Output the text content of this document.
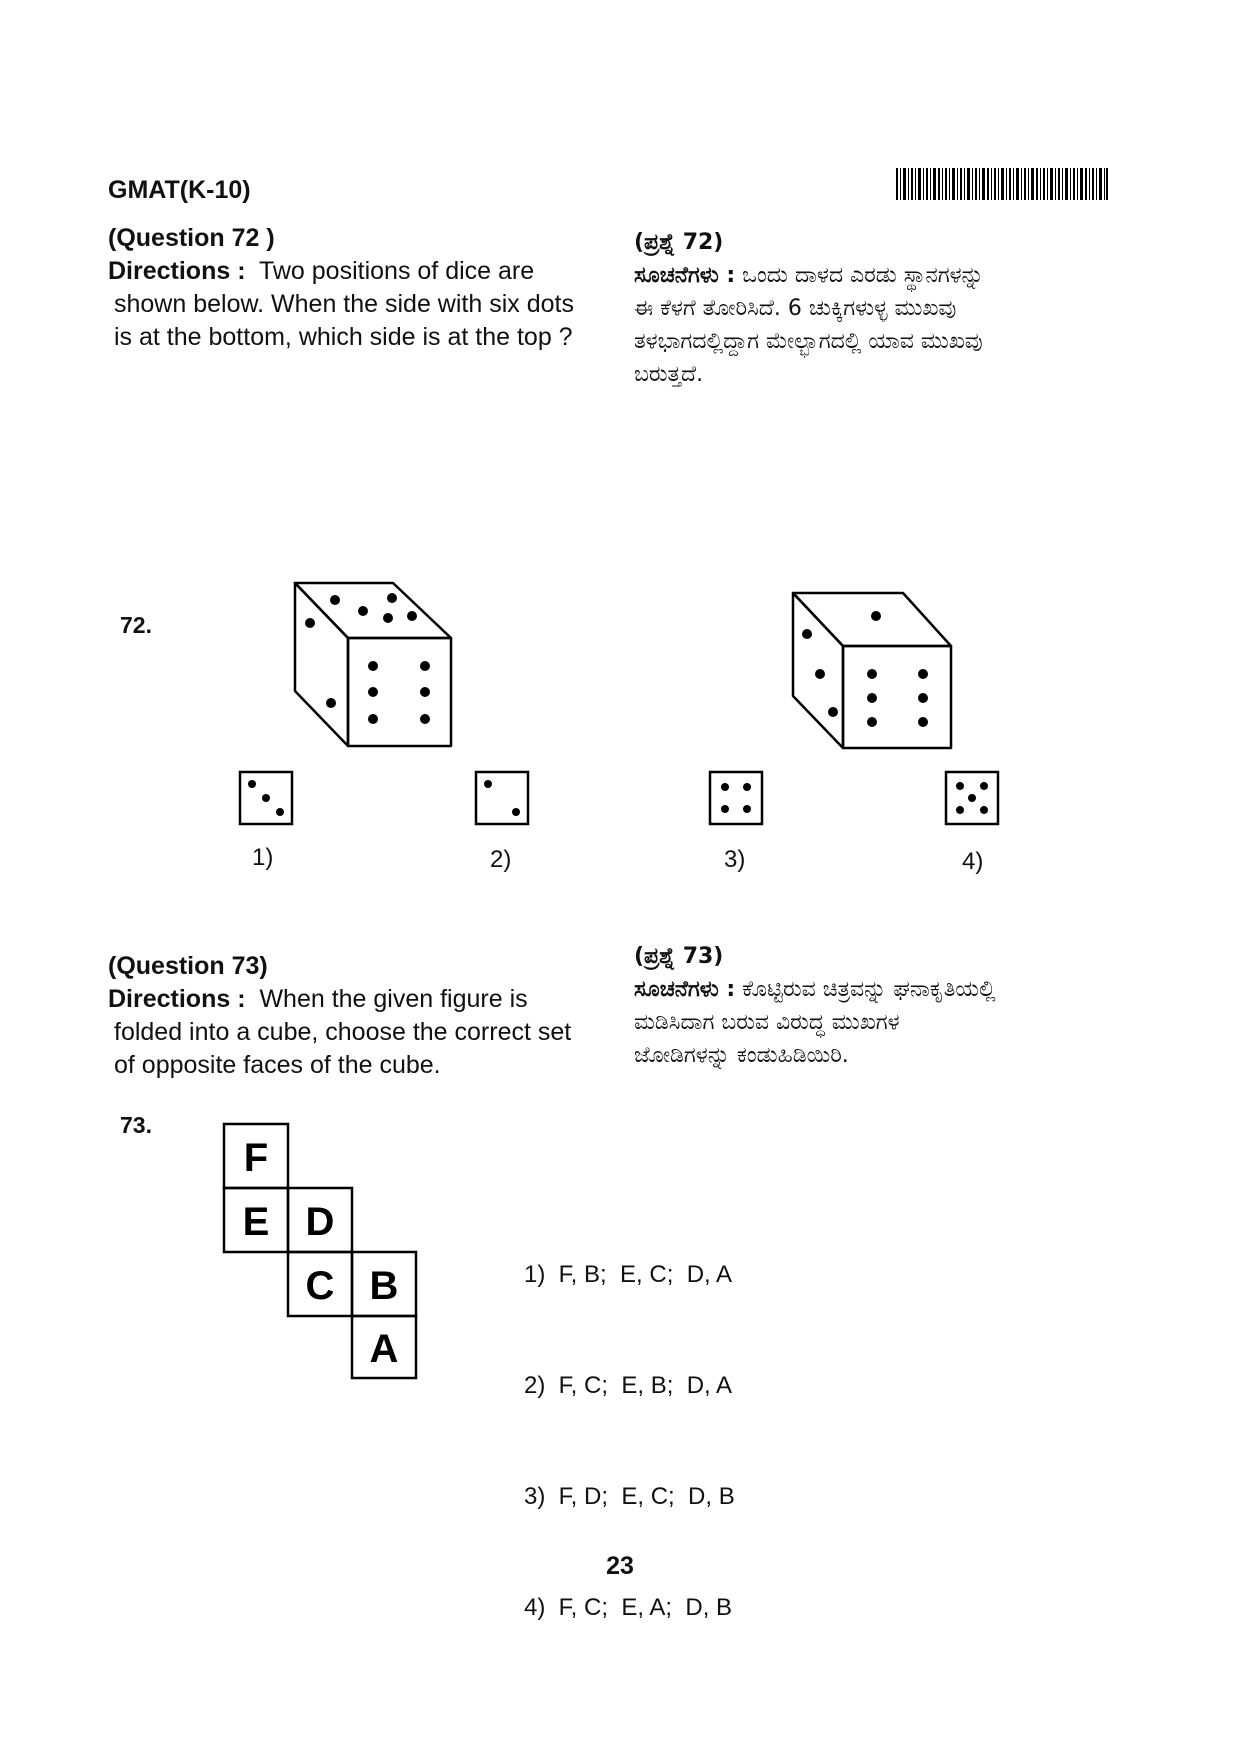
GMAT(K-10)
(Question 72 )
Directions : Two positions of dice are
shown below. When the side with six dots
is at the bottom, which side is at the top ?
(ಪ್ರಶ್ನೆ 72)
ಸೂಚನೆಗಳು : ಒಂದು ದಾಳದ ಎರಡು ಸ್ಥಾನಗಳನ್ನು
ಈ ಕೆಳಗೆ ತೋರಿಸಿದೆ. 6 ಚುಕ್ಕಿಗಳುಳ್ಳ ಮುಖವು
ತಳಭಾಗದಲ್ಲಿದ್ದಾಗ ಮೇಲ್ಭಾಗದಲ್ಲಿ ಯಾವ ಮುಖವು
ಬರುತ್ತದೆ.
72.
1)	2)	3)	4)
(Question 73)
Directions : When the given figure is
folded into a cube, choose the correct set
of opposite faces of the cube.
(ಪ್ರಶ್ನೆ 73)
ಸೂಚನೆಗಳು : ಕೊಟ್ಟಿರುವ ಚಿತ್ರವನ್ನು ಘನಾಕೃತಿಯಲ್ಲಿ
ಮಡಿಸಿದಾಗ ಬರುವ ವಿರುದ್ಧ ಮುಖಗಳ
ಜೋಡಿಗಳನ್ನು ಕಂಡುಹಿಡಿಯಿರಿ.
73.
F
E D
C B
A

1)  F, B;  E, C;  D, A

2)  F, C;  E, B;  D, A

3)  F, D;  E, C;  D, B

4)  F, C;  E, A;  D, B

23
